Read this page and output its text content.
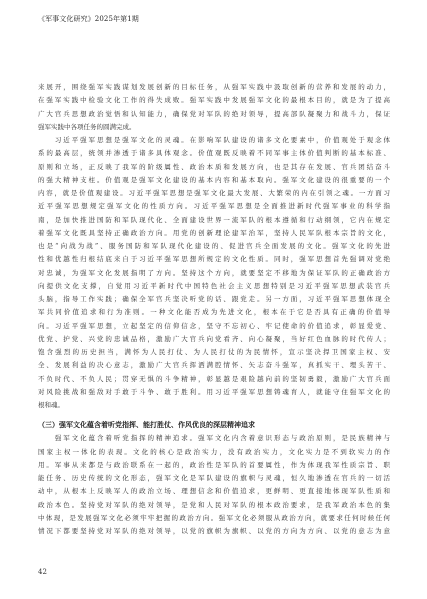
《军事文化研究》2025年第1期
来展开，围绕强军实践谋划发展创新的目标任务，从强军实践中汲取创新的营养和发展的动力，
在强军实践中检验文化工作的得失成败。强军实践中发展强军文化的最根本目的，就是为了提高
广大官兵思想政治觉悟和认知能力，确保党对军队的绝对领导，提高部队凝聚力和战斗力，保证
强军实践中各项任务的圆满完成。
　　习近平强军思想是强军文化的灵魂。在影响军队建设的诸多文化要素中，价值观处于观念体
系的最高层，统领并渗透于诸多具体观念。价值观既反映着不同军事主体价值判断的基本标准、
原则和立场，正反映了我军的阶级属性、政治本质和发展方向，也是其存在发展、官兵团结奋斗
的强大精神支柱。价值观是强军文化建设的基本内容和基本取向。强军文化建设的很重要的一个
内容，就是价值观建设。习近平强军思想是强军文化最大发展、大繁荣的内在引领之魂。一方面习
近平强军思想规定强军文化的性质方向。习近平强军思想是全面推进新时代强军事业的科学指
南，是加快推进国防和军队现代化、全面建设世界一流军队的根本遵循和行动纲领，它内在规定
着强军文化既具坚持正确政治方向。用党的创新理论建军治军，坚持人民军队根本宗旨的文化，
也是“向战为战”、服务国防和军队现代化建设的、促进官兵全面发展的文化。强军文化的先进
性和优越性归根结底来自于习近平强军思想所规定的文化性质。同时，强军思想首先强调对党绝
对忠诚，为强军文化发展指明了方向。坚持这个方向，就要坚定不移地为保证军队的正确政治方
向提供文化支撑，自觉用习近平新时代中国特色社会主义思想特别是习近平强军思想武装官兵
头脑，指导工作实践；确保全军官兵坚决听党的话、跟党走。另一方面，习近平强军思想体现全
军共同价值追求和行为准则。一种文化能否成为先进文化，根本在于它是否具有正确的价值导
向。习近平强军思想，立起坚定的信仰信念，坚守不忘初心、牢记使命的价值追求，彰显爱党、
优党、护党、兴党的忠诚品格，激励广大官兵向党看齐、向心凝聚，当好红色血脉的时代传人；
饱含强烈的历史担当，满怀为人民打仗、为人民打仗的为民情怀，宣示坚决捍卫国家主权、安
全、发展利益的决心意志，激励广大官兵挥洒满腔情怀、矢志奋斗强军，真抓实干、埋头苦干、
不负时代、不负人民；贯穿无惧的斗争精神，彰显越是艰险越向前的坚韧勇毅，激励广大官兵面
对风险挑战和强敌对手敢于斗争、敢于胜利。用习近平强军思想铸魂育人，就能守住强军文化的
根和魂。
（三）强军文化蕴含着听党指挥、能打胜仗、作风优良的深层精神追求
　　强军文化蕴含着听党指挥的精神追求。强军文化内含着意识形态与政治原则，是民族精神与
国家主权一体化的表现。文化的核心是政治实力，没有政治实力，文化实力是不到软实力的作
用。军事从来都是与政治联系在一起的，政治性是军队的首要属性，作为体现我军性质宗旨、职
能任务、历史传统的文化形态，强军文化是军队建设的旗帜与灵魂，恒久地渗透在官兵的一切活
动中，从根本上反映军人的政治立场、理想信念和价值追求，更鲜明、更直接地体现军队性质和
政治本色。坚持党对军队的绝对领导，是党和人民对军队的根本政治要求，是我军政治本色的集
中体现，是发展强军文化必须牢牢把握的政治方向。强军文化必须服从政治方向，就要求任何时候任何
情况下都要坚持党对军队的绝对领导，以党的旗帜为旗帜、以党的方向为方向、以党的意志为意
42
